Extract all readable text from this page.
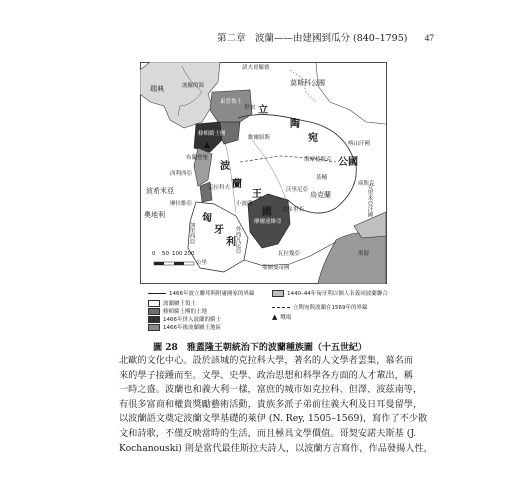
第二章　波蘭——由建國到瓜分 (840–1795) 47
瑞典
諾夫哥羅德
莫斯科公國
波羅的海
東普魯士
條頓騎士團
里加 立
陶
宛
維爾紐斯
布蘭登堡
西利西亞
波
蘭
王
國
公國
斯摩棱斯克
喀山汗國
基輔
沃里尼亞
烏克蘭
庫斯克
波希米亞
摩拉維亞
克拉科夫
小波蘭
波多里亞
摩爾達維亞
奧地利	匈
牙
利
加里西亞	外西凡尼亞
瓦拉幾亞
克里米亞汗國
黑海
鄂圖曼帝國
0 50 100 200
公里
1466年波立聯邦與附庸國家的界線
波蘭屬王領土
條頓騎士團的土地
1466年併入波蘭的騎士
1466年後波蘭屬王地區
1440–44年匈牙利以個人名義同波蘭聯合
立陶宛與波蘭在1569年的界線
▲ 戰場
圖 28　雅蓋隆王朝統治下的波蘭種族圖（十五世紀）

北歐的文化中心。設於該城的克拉科大學，著名的人文學者雲集，慕名而

來的學子接踵而至。文學、史學、政治思想和科學各方面的人才輩出，稱

一時之盛。波蘭也和義大利一樣，富庶的城市如克拉科、但澤、波茲南等，

有很多富商和權貴獎勵藝術活動，貴族多派子弟前往義大利及日耳曼留學，

以波蘭語文奠定波蘭文學基礎的萊伊 (N. Rey, 1505–1569)，寫作了不少散

文和詩歌，不僅反映當時的生活，而且極具文學價值。哥契安諾夫斯基 (J.

Kochanouski) 則是當代最佳斯拉夫詩人，以波蘭方言寫作，作品發揚人性，
